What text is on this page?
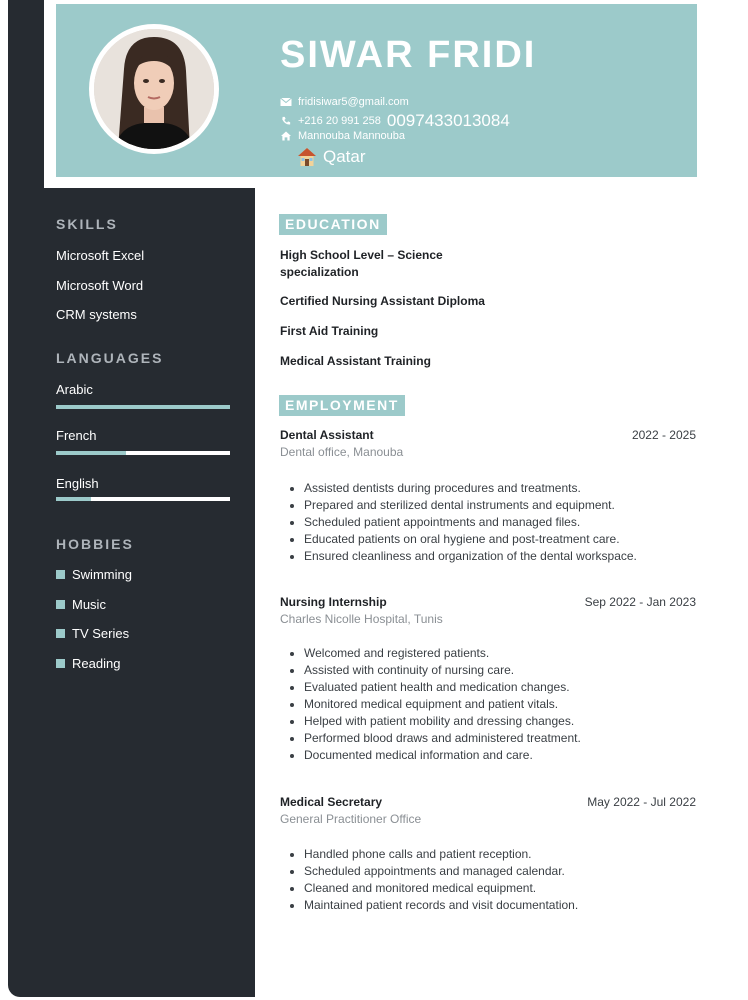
SIWAR FRIDI
fridisiwar5@gmail.com
+216 20 991 258 0097433013084
Mannouba Mannouba
Qatar
SKILLS
Microsoft Excel
Microsoft Word
CRM systems
LANGUAGES
Arabic
French
English
HOBBIES
Swimming
Music
TV Series
Reading
EDUCATION
High School Level – Science specialization
Certified Nursing Assistant Diploma
First Aid Training
Medical Assistant Training
EMPLOYMENT
Dental Assistant	2022 - 2025
Dental office, Manouba
• Assisted dentists during procedures and treatments.
• Prepared and sterilized dental instruments and equipment.
• Scheduled patient appointments and managed files.
• Educated patients on oral hygiene and post-treatment care.
• Ensured cleanliness and organization of the dental workspace.
Nursing Internship	Sep 2022 - Jan 2023
Charles Nicolle Hospital, Tunis
• Welcomed and registered patients.
• Assisted with continuity of nursing care.
• Evaluated patient health and medication changes.
• Monitored medical equipment and patient vitals.
• Helped with patient mobility and dressing changes.
• Performed blood draws and administered treatment.
• Documented medical information and care.
Medical Secretary	May 2022 - Jul 2022
General Practitioner Office
• Handled phone calls and patient reception.
• Scheduled appointments and managed calendar.
• Cleaned and monitored medical equipment.
• Maintained patient records and visit documentation.
